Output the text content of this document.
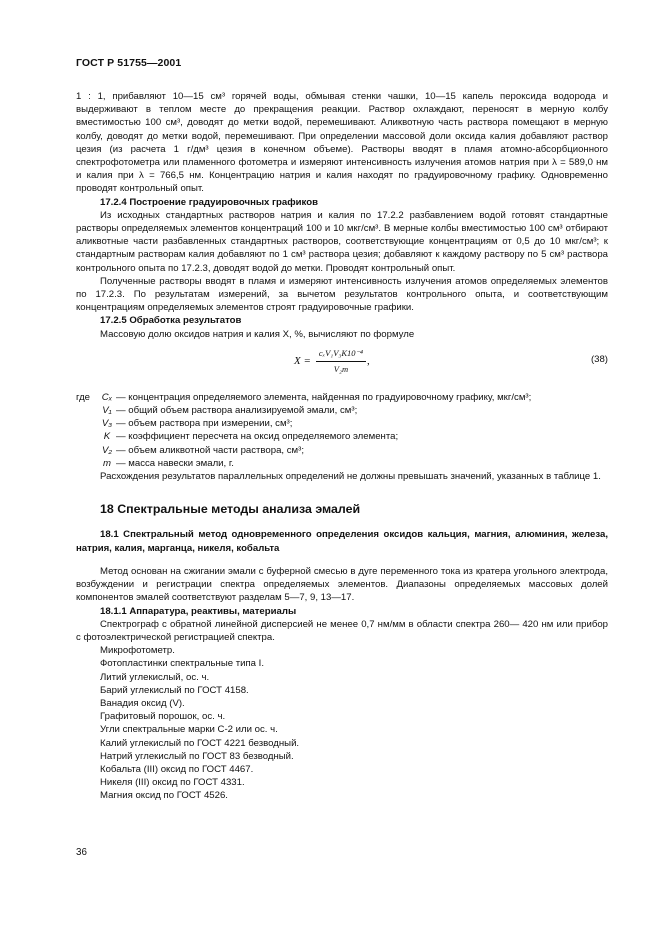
ГОСТ Р 51755—2001

1 : 1, прибавляют 10—15 см³ горячей воды, обмывая стенки чашки, 10—15 капель пероксида водорода и выдерживают в теплом месте до прекращения реакции. Раствор охлаждают, переносят в мерную колбу вместимостью 100 см³, доводят до метки водой, перемешивают. Аликвотную часть раствора помещают в мерную колбу, доводят до метки водой, перемешивают. При определении массовой доли оксида калия добавляют раствор цезия (из расчета 1 г/дм³ цезия в конечном объеме). Растворы вводят в пламя атомно-абсорбционного спектрофотометра или пламенного фотометра и измеряют интенсивность излучения атомов натрия при λ = 589,0 нм и калия при λ = 766,5 нм. Концентрацию натрия и калия находят по градуировочному графику. Одновременно проводят контрольный опыт.

17.2.4 Построение градуировочных графиков

Из исходных стандартных растворов натрия и калия по 17.2.2 разбавлением водой готовят стандартные растворы определяемых элементов концентраций 100 и 10 мкг/см³. В мерные колбы вместимостью 100 см³ отбирают аликвотные части разбавленных стандартных растворов, соответствующие концентрациям от 0,5 до 10 мкг/см³; к стандартным растворам калия добавляют по 1 см³ раствора цезия; добавляют к каждому раствору по 5 см³ раствора контрольного опыта по 17.2.3, доводят водой до метки. Проводят контрольный опыт.

Полученные растворы вводят в пламя и измеряют интенсивность излучения атомов определяемых элементов по 17.2.3. По результатам измерений, за вычетом результатов контрольного опыта, и соответствующим концентрациям определяемых элементов строят градуировочные графики.

17.2.5 Обработка результатов

Массовую долю оксидов натрия и калия X, %, вычисляют по формуле

$X = \frac{\text{cₓV₁V₃K10⁻⁴}}{\text{V₂m}}$ ,	(38)
где	Cₓ — концентрация определяемого элемента, найденная по градуировочному графику, мкг/см³;
V₁ — общий объем раствора анализируемой эмали, см³;
V₃ — объем раствора при измерении, см³;
K — коэффициент пересчета на оксид определяемого элемента;
V₂ — объем аликвотной части раствора, см³;
m — масса навески эмали, г.

Расхождения результатов параллельных определений не должны превышать значений, указанных в таблице 1.

18 Спектральные методы анализа эмалей

18.1 Спектральный метод одновременного определения оксидов кальция, магния, алюминия, железа, натрия, калия, марганца, никеля, кобальта

Метод основан на сжигании эмали с буферной смесью в дуге переменного тока из кратера угольного электрода, возбуждении и регистрации спектра определяемых элементов. Диапазоны определяемых массовых долей компонентов эмалей соответствуют разделам 5—7, 9, 13—17.

18.1.1 Аппаратура, реактивы, материалы

Спектрограф с обратной линейной дисперсией не менее 0,7 нм/мм в области спектра 260— 420 нм или прибор с фотоэлектрической регистрацией спектра.

Микрофотометр.

Фотопластинки спектральные типа I.

Литий углекислый, ос. ч.

Барий углекислый по ГОСТ 4158.

Ванадия оксид (V).

Графитовый порошок, ос. ч.

Угли спектральные марки С-2 или ос. ч.

Калий углекислый по ГОСТ 4221 безводный.

Натрий углекислый по ГОСТ 83 безводный.

Кобальта (III) оксид по ГОСТ 4467.

Никеля (III) оксид по ГОСТ 4331.

Магния оксид по ГОСТ 4526.

36
